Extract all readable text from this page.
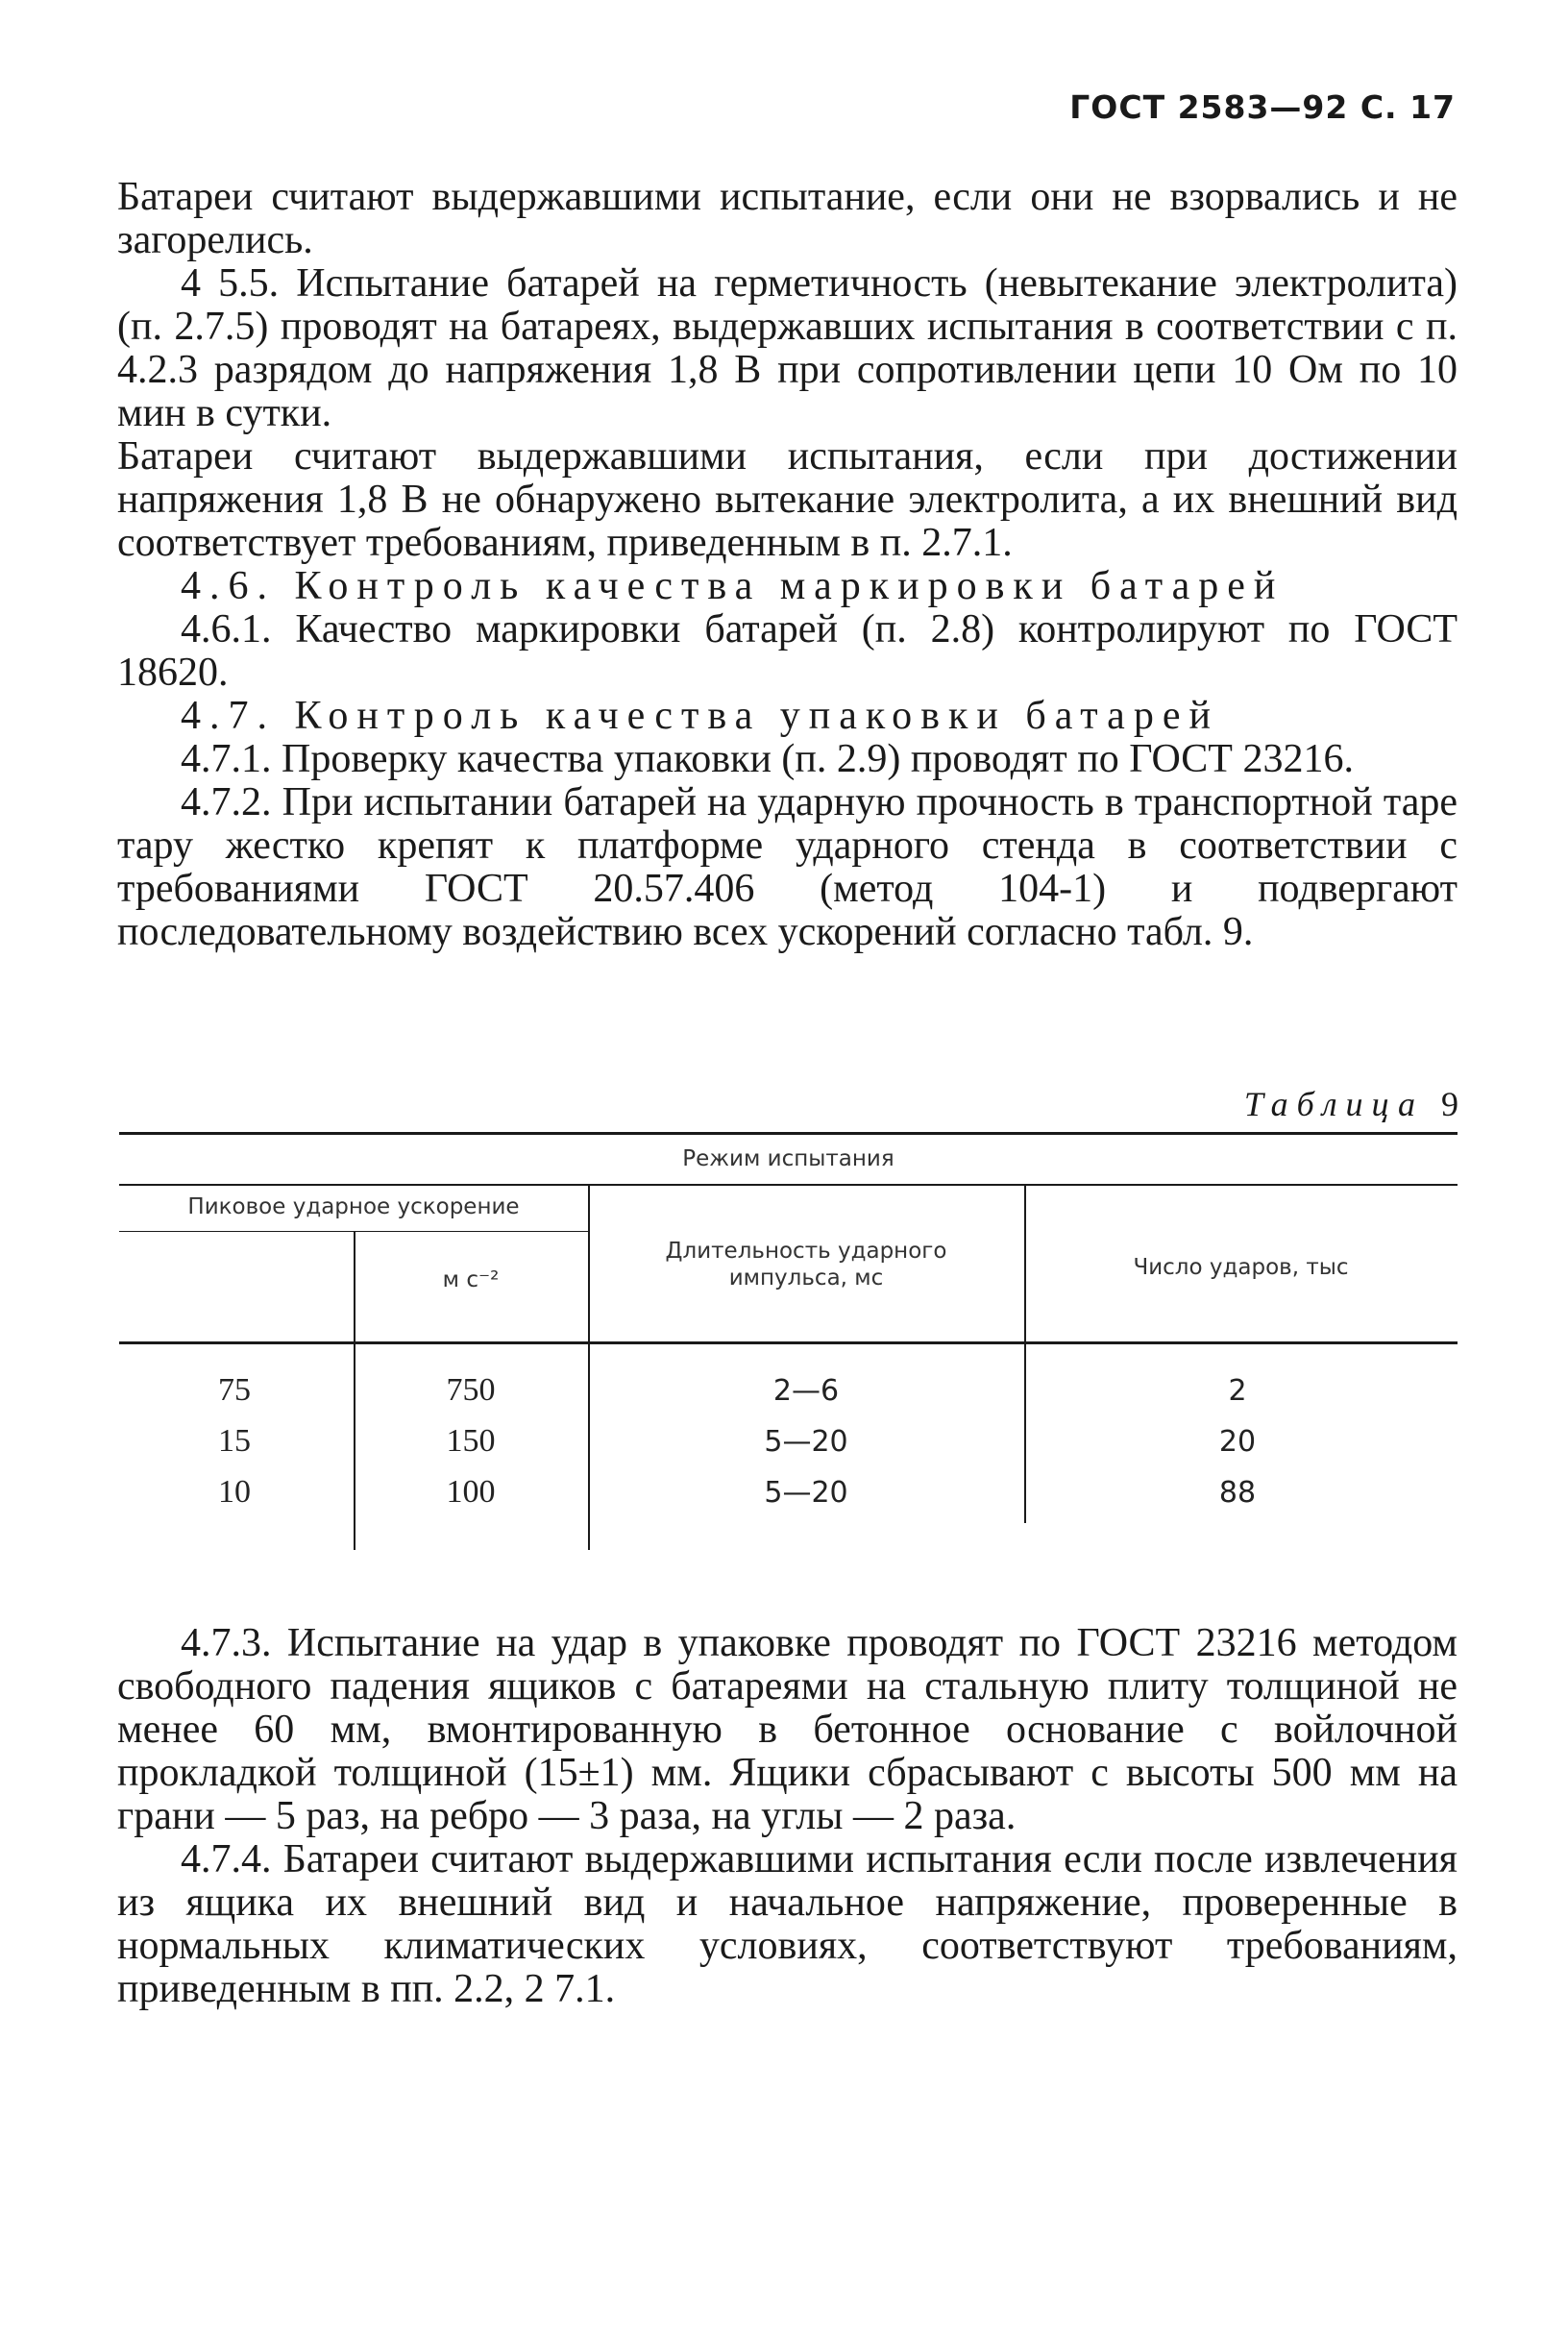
ГОСТ 2583—92 С. 17

Батареи считают выдержавшими испытание, если они не взорвались и не загорелись.

4 5.5. Испытание батарей на герметичность (невытекание электролита) (п. 2.7.5) проводят на батареях, выдержавших испытания в соответствии с п. 4.2.3 разрядом до напряжения 1,8 В при сопротивлении цепи 10 Ом по 10 мин в сутки.

Батареи считают выдержавшими испытания, если при достижении напряжения 1,8 В не обнаружено вытекание электролита, а их внешний вид соответствует требованиям, приведенным в п. 2.7.1.

4.6. Контроль качества маркировки батарей

4.6.1. Качество маркировки батарей (п. 2.8) контролируют по ГОСТ 18620.

4.7. Контроль качества упаковки батарей

4.7.1. Проверку качества упаковки (п. 2.9) проводят по ГОСТ 23216.

4.7.2. При испытании батарей на ударную прочность в транспортной таре тару жестко крепят к платформе ударного стенда в соответствии с требованиями ГОСТ 20.57.406 (метод 104-1) и подвергают последовательному воздействию всех ускорений согласно табл. 9.

Таблица 9
Режим испытания
Пиковое ударное ускорение
м с⁻²
Длительность ударного импульса, мс	Число ударов, тыс
75	750	2—6	2
15	150	5—20	20
10	100	5—20	88

4.7.3. Испытание на удар в упаковке проводят по ГОСТ 23216 методом свободного падения ящиков с батареями на стальную плиту толщиной не менее 60 мм, вмонтированную в бетонное основание с войлочной прокладкой толщиной (15±1) мм. Ящики сбрасывают с высоты 500 мм на грани — 5 раз, на ребро — 3 раза, на углы — 2 раза.

4.7.4. Батареи считают выдержавшими испытания если после извлечения из ящика их внешний вид и начальное напряжение, проверенные в нормальных климатических условиях, соответствуют требованиям, приведенным в пп. 2.2, 2 7.1.
